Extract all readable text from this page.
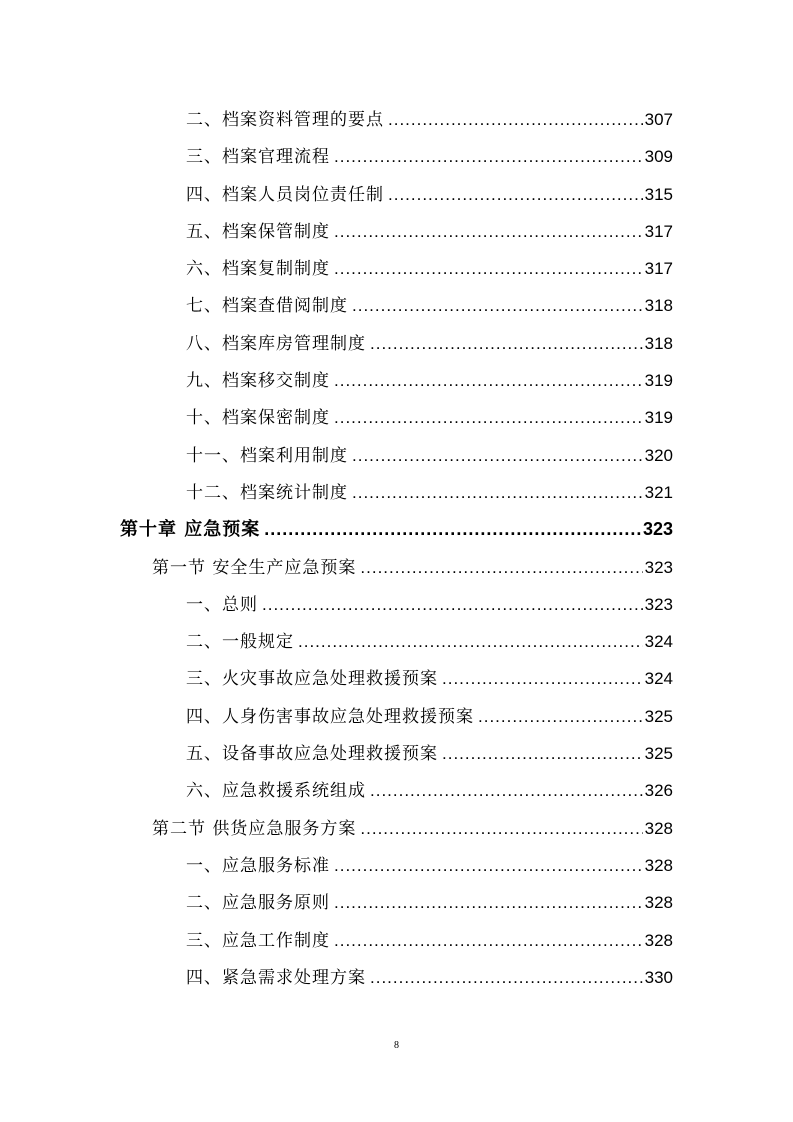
二、档案资料管理的要点 .....	307
三、档案官理流程 .....	309
四、档案人员岗位责任制 .....	315
五、档案保管制度 .....	317
六、档案复制制度 .....	317
七、档案查借阅制度 .....	318
八、档案库房管理制度 .....	318
九、档案移交制度 .....	319
十、档案保密制度 .....	319
十一、档案利用制度 .....	320
十二、档案统计制度 .....	321
第十章 应急预案 .....	323
第一节 安全生产应急预案 .....	323
一、总则 .....	323
二、一般规定 .....	324
三、火灾事故应急处理救援预案 .....	324
四、人身伤害事故应急处理救援预案 .....	325
五、设备事故应急处理救援预案 .....	325
六、应急救援系统组成 .....	326
第二节 供货应急服务方案 .....	328
一、应急服务标准 .....	328
二、应急服务原则 .....	328
三、应急工作制度 .....	328
四、紧急需求处理方案 .....	330
8
